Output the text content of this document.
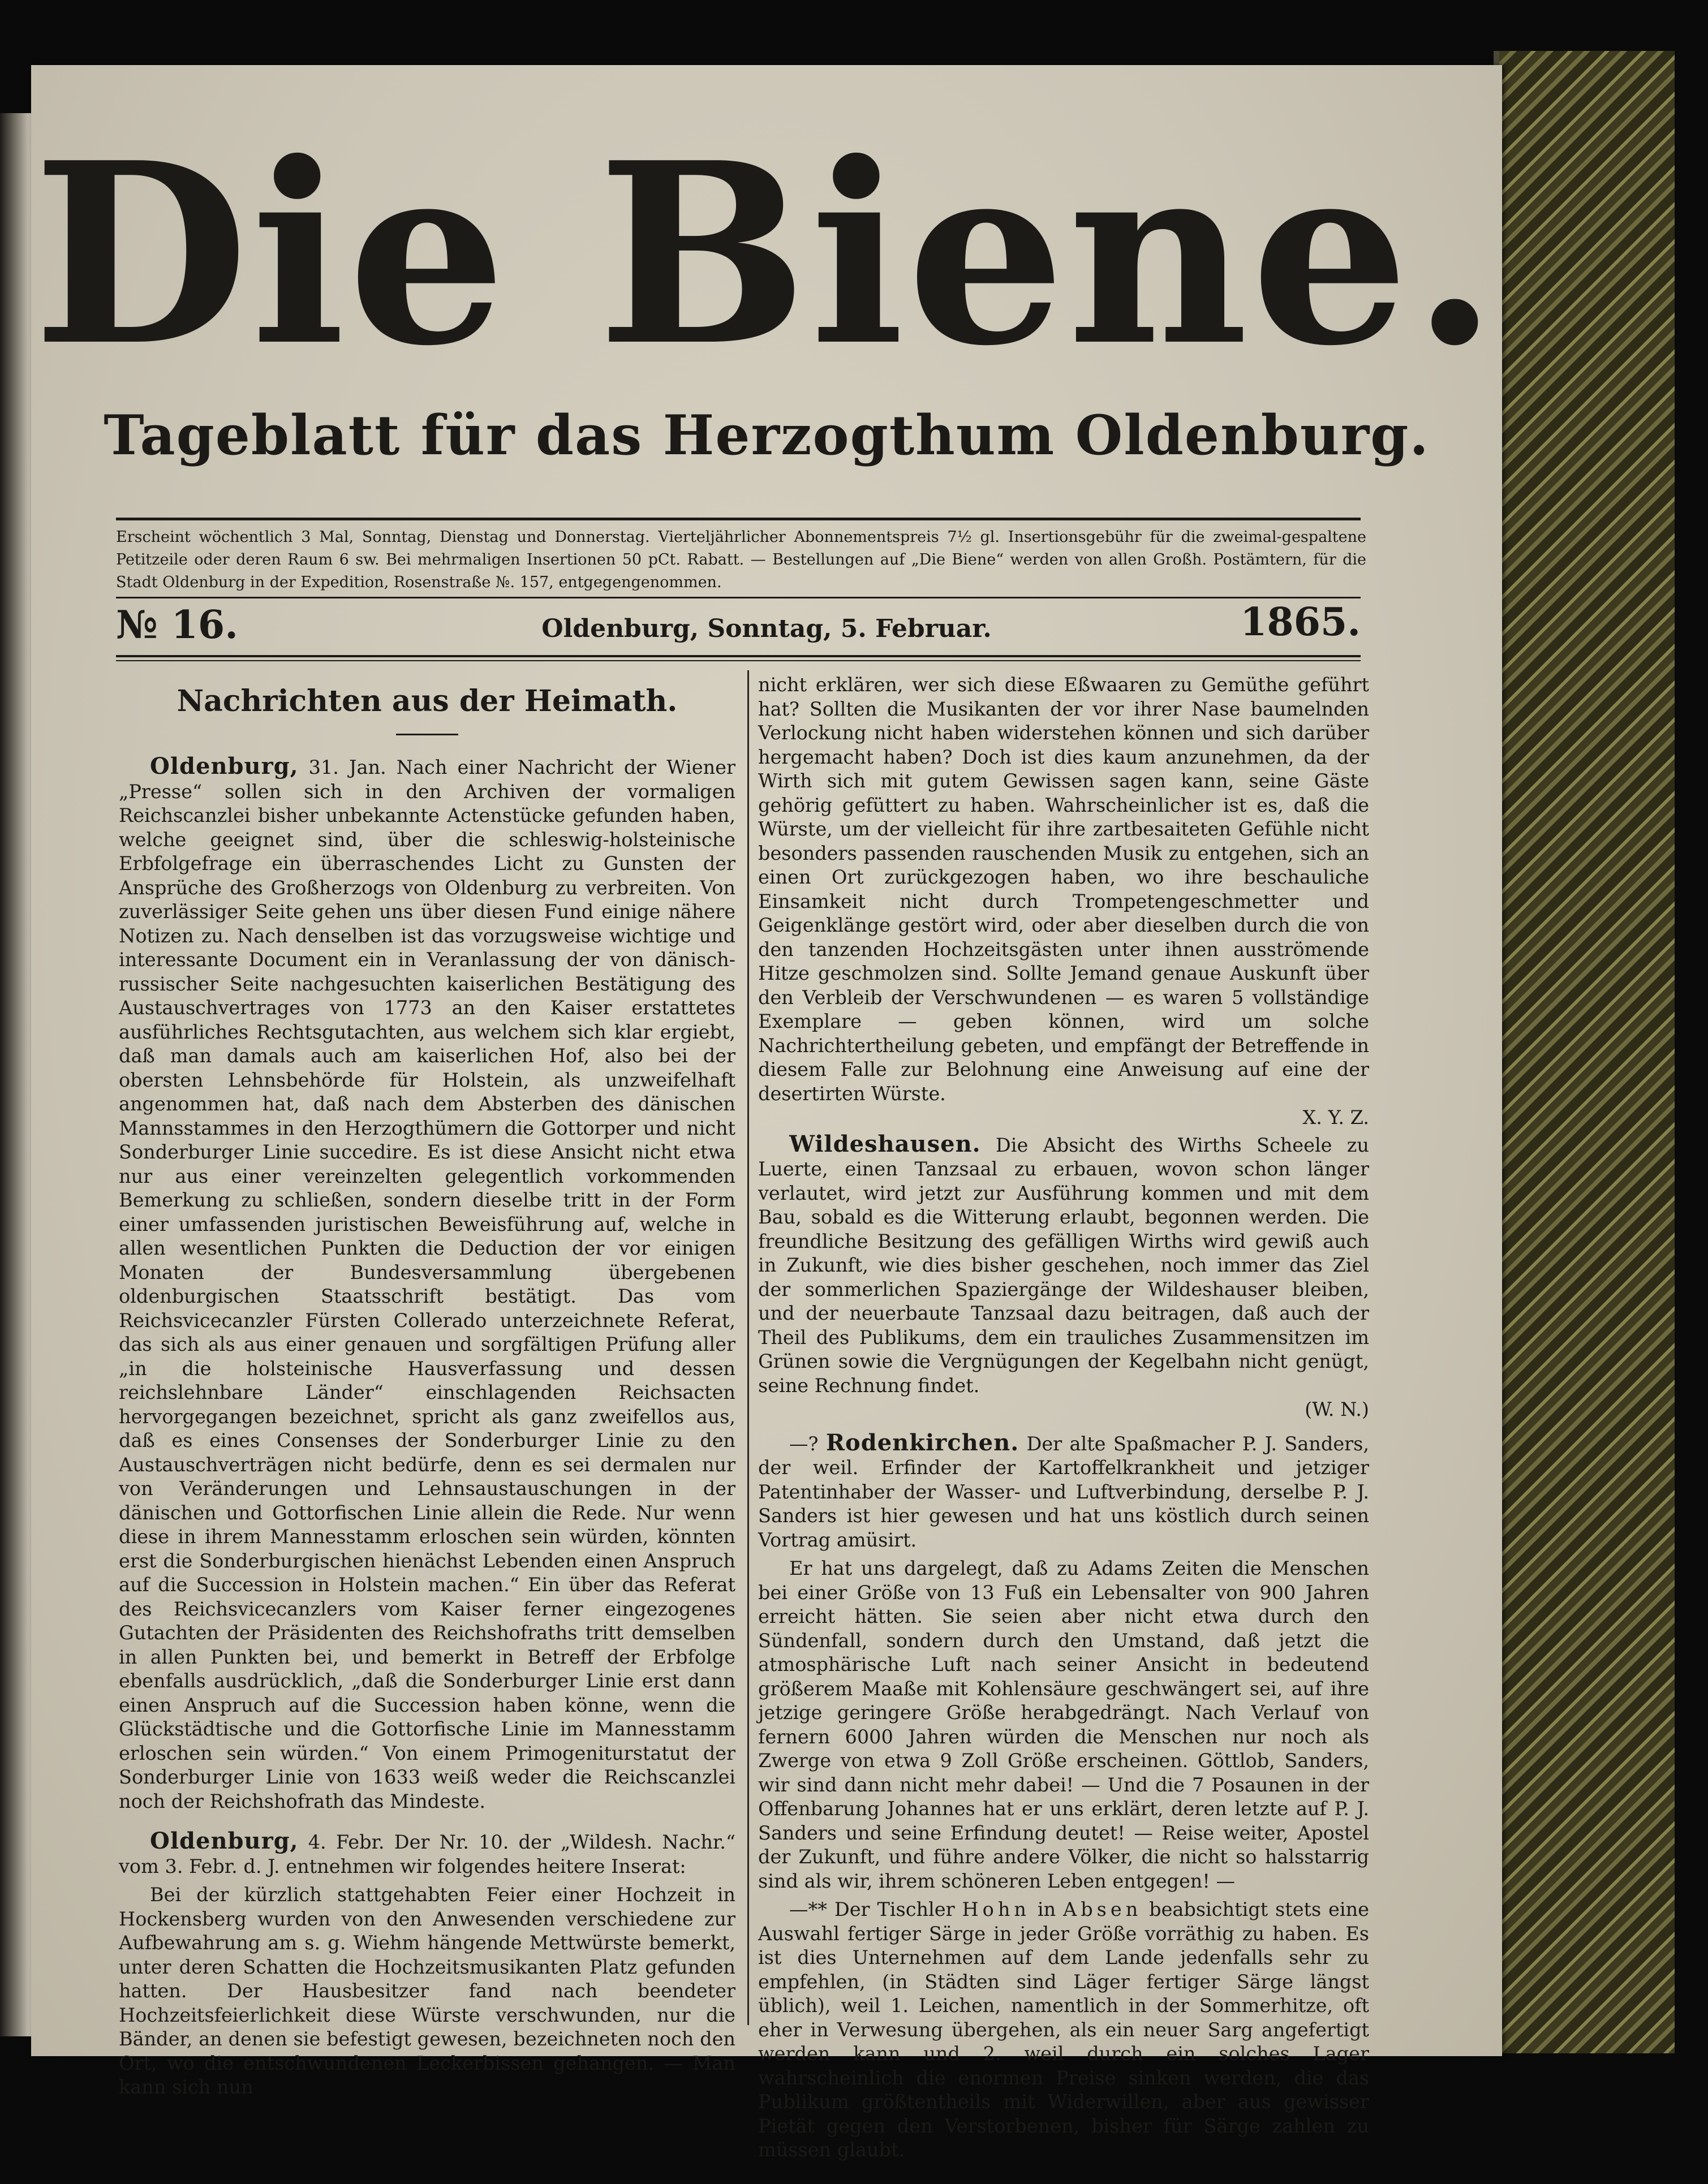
Die Biene.
Tageblatt für das Herzogthum Oldenburg.
Erscheint wöchentlich 3 Mal, Sonntag, Dienstag und Donnerstag. Vierteljährlicher Abonnementspreis 7½ gl. Insertionsgebühr für die zweimal-gespaltene Petitzeile oder deren Raum 6 sw. Bei mehrmaligen Insertionen 50 pCt. Rabatt. — Bestellungen auf „Die Biene“ werden von allen Großh. Postämtern, für die Stadt Oldenburg in der Expedition, Rosenstraße №. 157, entgegengenommen.
№ 16.	Oldenburg, Sonntag, 5. Februar.	1865.
Nachrichten aus der Heimath.

Oldenburg, 31. Jan. Nach einer Nachricht der Wiener „Presse“ sollen sich in den Archiven der vormaligen Reichscanzlei bisher unbekannte Actenstücke gefunden haben, welche geeignet sind, über die schleswig-holsteinische Erbfolgefrage ein überraschendes Licht zu Gunsten der Ansprüche des Großherzogs von Oldenburg zu verbreiten. Von zuverlässiger Seite gehen uns über diesen Fund einige nähere Notizen zu. Nach denselben ist das vorzugsweise wichtige und interessante Document ein in Veranlassung der von dänisch-russischer Seite nachgesuchten kaiserlichen Bestätigung des Austauschvertrages von 1773 an den Kaiser erstattetes ausführliches Rechtsgutachten, aus welchem sich klar ergiebt, daß man damals auch am kaiserlichen Hof, also bei der obersten Lehnsbehörde für Holstein, als unzweifelhaft angenommen hat, daß nach dem Absterben des dänischen Mannsstammes in den Herzogthümern die Gottorper und nicht Sonderburger Linie succedire. Es ist diese Ansicht nicht etwa nur aus einer vereinzelten gelegentlich vorkommenden Bemerkung zu schließen, sondern dieselbe tritt in der Form einer umfassenden juristischen Beweisführung auf, welche in allen wesentlichen Punkten die Deduction der vor einigen Monaten der Bundesversammlung übergebenen oldenburgischen Staatsschrift bestätigt. Das vom Reichsvicecanzler Fürsten Collerado unterzeichnete Referat, das sich als aus einer genauen und sorgfältigen Prüfung aller „in die holsteinische Hausverfassung und dessen reichslehnbare Länder“ einschlagenden Reichsacten hervorgegangen bezeichnet, spricht als ganz zweifellos aus, daß es eines Consenses der Sonderburger Linie zu den Austauschverträgen nicht bedürfe, denn es sei dermalen nur von Veränderungen und Lehnsaustauschungen in der dänischen und Gottorfischen Linie allein die Rede. Nur wenn diese in ihrem Mannesstamm erloschen sein würden, könnten erst die Sonderburgischen hienächst Lebenden einen Anspruch auf die Succession in Holstein machen.“ Ein über das Referat des Reichsvicecanzlers vom Kaiser ferner eingezogenes Gutachten der Präsidenten des Reichshofraths tritt demselben in allen Punkten bei, und bemerkt in Betreff der Erbfolge ebenfalls ausdrücklich, „daß die Sonderburger Linie erst dann einen Anspruch auf die Succession haben könne, wenn die Glückstädtische und die Gottorfische Linie im Mannesstamm erloschen sein würden.“ Von einem Primogeniturstatut der Sonderburger Linie von 1633 weiß weder die Reichscanzlei noch der Reichshofrath das Mindeste.

Oldenburg, 4. Febr. Der Nr. 10. der „Wildesh. Nachr.“ vom 3. Febr. d. J. entnehmen wir folgendes heitere Inserat:

Bei der kürzlich stattgehabten Feier einer Hochzeit in Hockensberg wurden von den Anwesenden verschiedene zur Aufbewahrung am s. g. Wiehm hängende Mettwürste bemerkt, unter deren Schatten die Hochzeitsmusikanten Platz gefunden hatten. Der Hausbesitzer fand nach beendeter Hochzeitsfeierlichkeit diese Würste verschwunden, nur die Bänder, an denen sie befestigt gewesen, bezeichneten noch den Ort, wo die entschwundenen Leckerbissen gehangen. — Man kann sich nun

nicht erklären, wer sich diese Eßwaaren zu Gemüthe geführt hat? Sollten die Musikanten der vor ihrer Nase baumelnden Verlockung nicht haben widerstehen können und sich darüber hergemacht haben? Doch ist dies kaum anzunehmen, da der Wirth sich mit gutem Gewissen sagen kann, seine Gäste gehörig gefüttert zu haben. Wahrscheinlicher ist es, daß die Würste, um der vielleicht für ihre zartbesaiteten Gefühle nicht besonders passenden rauschenden Musik zu entgehen, sich an einen Ort zurückgezogen haben, wo ihre beschauliche Einsamkeit nicht durch Trompetengeschmetter und Geigenklänge gestört wird, oder aber dieselben durch die von den tanzenden Hochzeitsgästen unter ihnen ausströmende Hitze geschmolzen sind. Sollte Jemand genaue Auskunft über den Verbleib der Verschwundenen — es waren 5 vollständige Exemplare — geben können, wird um solche Nachrichtertheilung gebeten, und empfängt der Betreffende in diesem Falle zur Belohnung eine Anweisung auf eine der desertirten Würste.
X. Y. Z.

Wildeshausen. Die Absicht des Wirths Scheele zu Luerte, einen Tanzsaal zu erbauen, wovon schon länger verlautet, wird jetzt zur Ausführung kommen und mit dem Bau, sobald es die Witterung erlaubt, begonnen werden. Die freundliche Besitzung des gefälligen Wirths wird gewiß auch in Zukunft, wie dies bisher geschehen, noch immer das Ziel der sommerlichen Spaziergänge der Wildeshauser bleiben, und der neuerbaute Tanzsaal dazu beitragen, daß auch der Theil des Publikums, dem ein trauliches Zusammensitzen im Grünen sowie die Vergnügungen der Kegelbahn nicht genügt, seine Rechnung findet.
(W. N.)

—? Rodenkirchen. Der alte Spaßmacher P. J. Sanders, der weil. Erfinder der Kartoffelkrankheit und jetziger Patentinhaber der Wasser- und Luftverbindung, derselbe P. J. Sanders ist hier gewesen und hat uns köstlich durch seinen Vortrag amüsirt.

Er hat uns dargelegt, daß zu Adams Zeiten die Menschen bei einer Größe von 13 Fuß ein Lebensalter von 900 Jahren erreicht hätten. Sie seien aber nicht etwa durch den Sündenfall, sondern durch den Umstand, daß jetzt die atmosphärische Luft nach seiner Ansicht in bedeutend größerem Maaße mit Kohlensäure geschwängert sei, auf ihre jetzige geringere Größe herabgedrängt. Nach Verlauf von fernern 6000 Jahren würden die Menschen nur noch als Zwerge von etwa 9 Zoll Größe erscheinen. Göttlob, Sanders, wir sind dann nicht mehr dabei! — Und die 7 Posaunen in der Offenbarung Johannes hat er uns erklärt, deren letzte auf P. J. Sanders und seine Erfindung deutet! — Reise weiter, Apostel der Zukunft, und führe andere Völker, die nicht so halsstarrig sind als wir, ihrem schöneren Leben entgegen! —

—** Der Tischler Hohn in Absen beabsichtigt stets eine Auswahl fertiger Särge in jeder Größe vorräthig zu haben. Es ist dies Unternehmen auf dem Lande jedenfalls sehr zu empfehlen, (in Städten sind Läger fertiger Särge längst üblich), weil 1. Leichen, namentlich in der Sommerhitze, oft eher in Verwesung übergehen, als ein neuer Sarg angefertigt werden kann und 2. weil durch ein solches Lager wahrscheinlich die enormen Preise sinken werden, die das Publikum größtentheils mit Widerwillen, aber aus gewisser Pietät gegen den Verstorbenen, bisher für Särge zahlen zu müssen glaubt.
